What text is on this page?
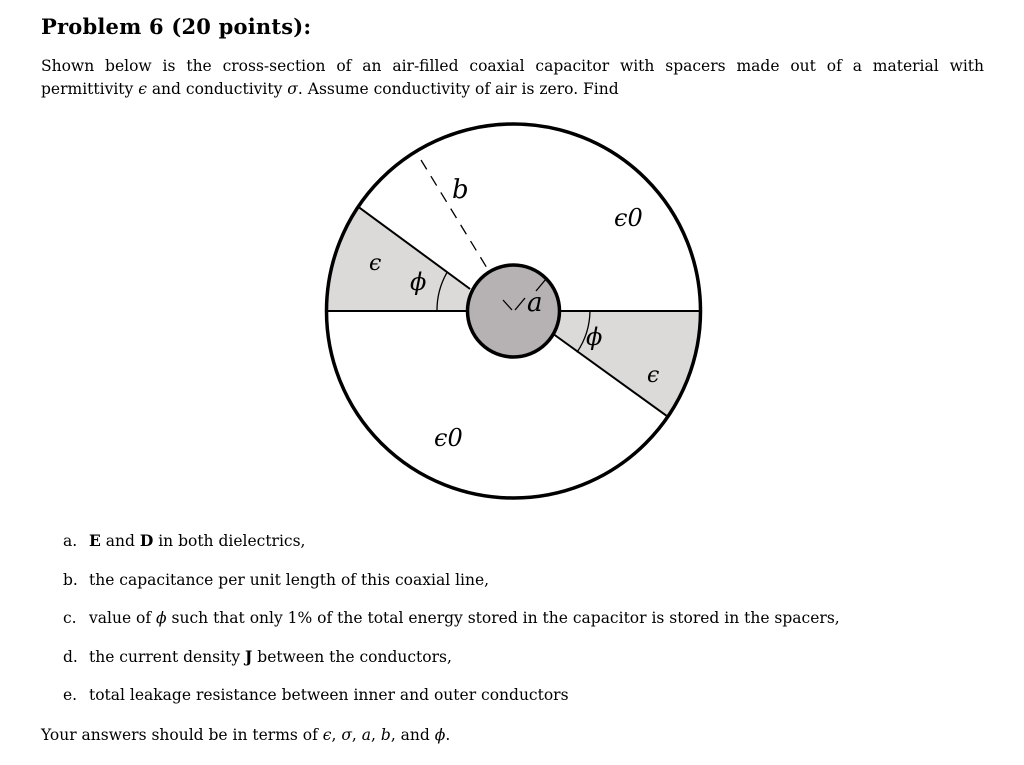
Problem 6 (20 points):
Shown below is the cross-section of an air-filled coaxial capacitor with spacers made out of a material with
permittivity ϵ and conductivity σ. Assume conductivity of air is zero. Find
b
a
ϵ0
ϵ0
ϵ
ϵ
ϕ
ϕ
a. E and D in both dielectrics,
b. the capacitance per unit length of this coaxial line,
c. value of ϕ such that only 1% of the total energy stored in the capacitor is stored in the spacers,
d. the current density J between the conductors,
e. total leakage resistance between inner and outer conductors
Your answers should be in terms of ϵ, σ, a, b, and ϕ.
